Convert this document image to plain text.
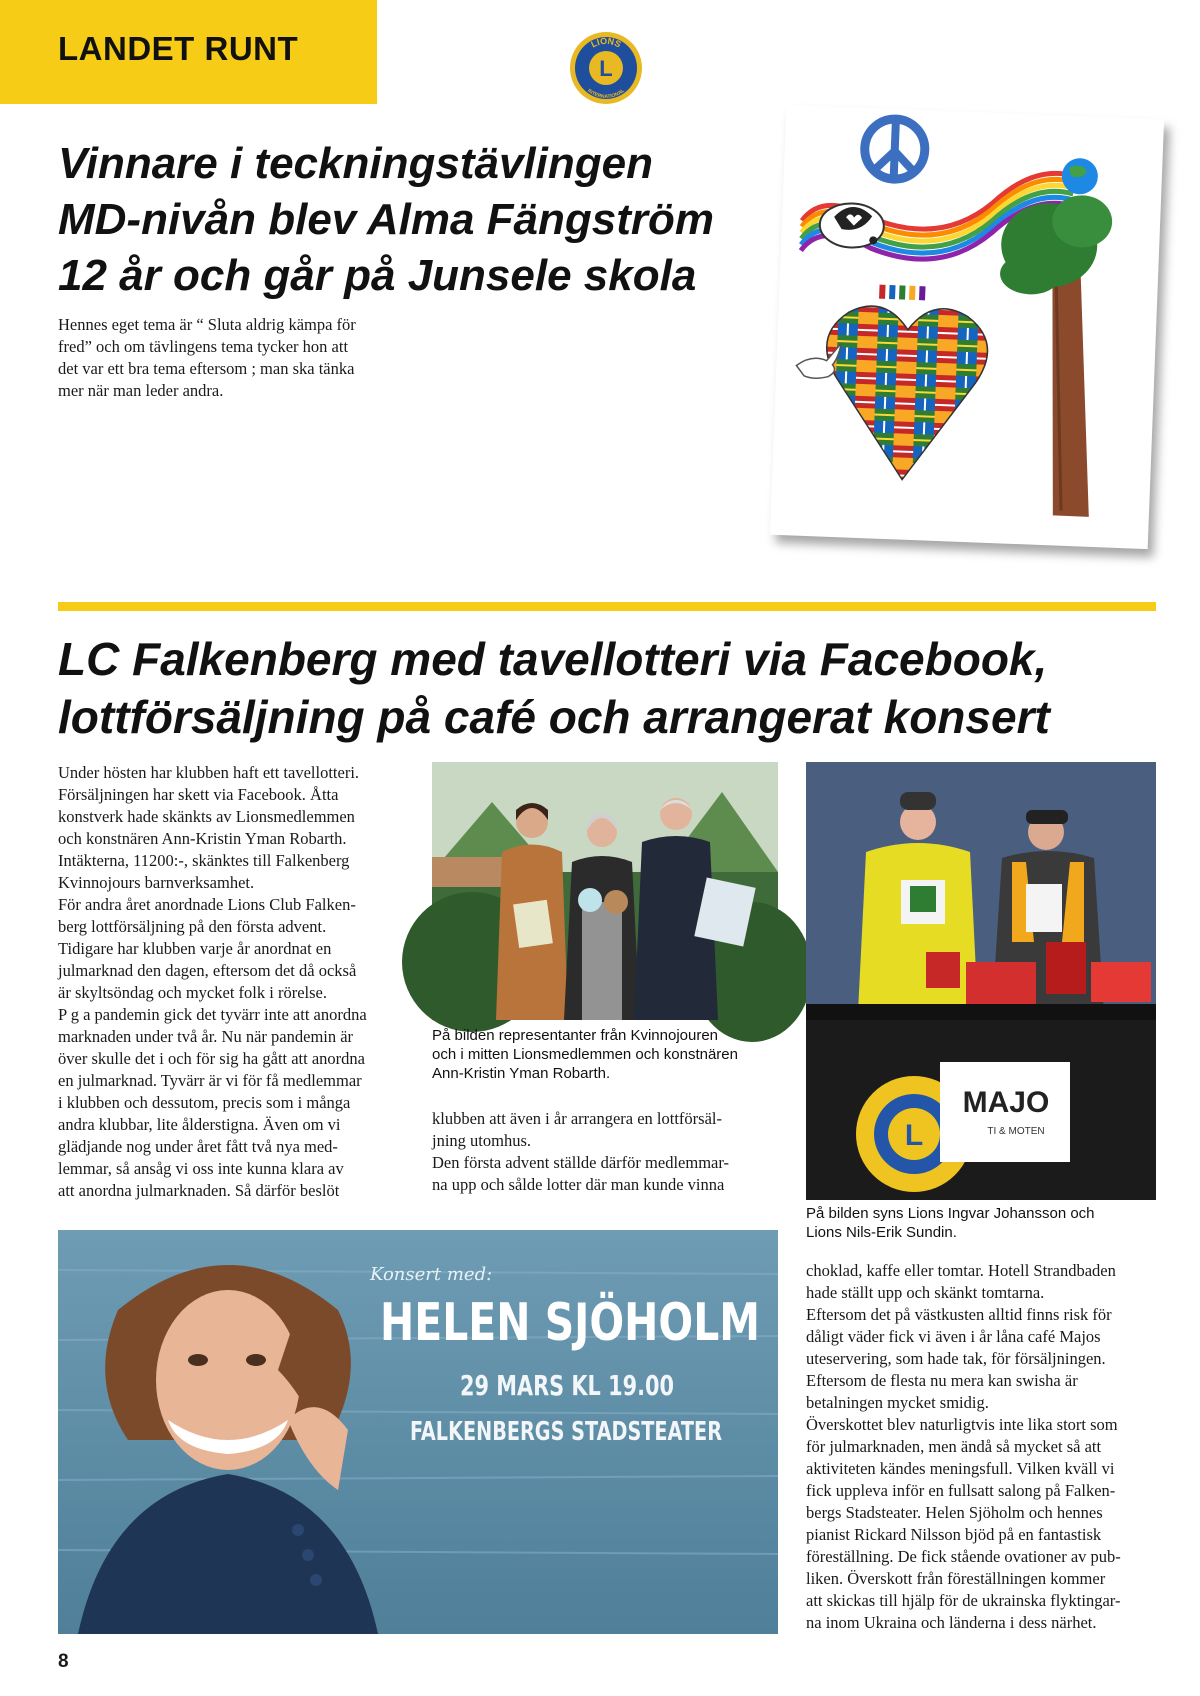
LANDET RUNT	LIONS
INTERNATIONAL
L
Vinnare i teckningstävlingen
MD-nivån blev Alma Fängström
12 år och går på Junsele skola

Hennes eget tema är “ Sluta aldrig kämpa för
fred” och om tävlingens tema tycker hon att
det var ett bra tema eftersom ; man ska tänka
mer när man leder andra.

LC Falkenberg med tavellotteri via Facebook,
lottförsäljning på café och arrangerat konsert

Under hösten har klubben haft ett tavellotteri.
Försäljningen har skett via Facebook. Åtta
konstverk hade skänkts av Lionsmedlemmen
och konstnären Ann-Kristin Yman Robarth.
Intäkterna, 11200:-, skänktes till Falkenberg
Kvinnojours barnverksamhet.
För andra året anordnade Lions Club Falken-
berg lottförsäljning på den första advent.
Tidigare har klubben varje år anordnat en
julmarknad den dagen, eftersom det då också
är skyltsöndag och mycket folk i rörelse.
P g a pandemin gick det tyvärr inte att anordna
marknaden under två år. Nu när pandemin är
över skulle det i och för sig ha gått att anordna
en julmarknad. Tyvärr är vi för få medlemmar
i klubben och dessutom, precis som i många
andra klubbar, lite ålderstigna. Även om vi
glädjande nog under året fått två nya med-
lemmar, så ansåg vi oss inte kunna klara av
att anordna julmarknaden. Så därför beslöt

På bilden representanter från Kvinnojouren
och i mitten Lionsmedlemmen och konstnären
Ann-Kristin Yman Robarth.

klubben att även i år arrangera en lottförsäl-
jning utomhus.
Den första advent ställde därför medlemmar-
na upp och sålde lotter där man kunde vinna

L
MAJO
TI & MOTEN

På bilden syns Lions Ingvar Johansson och
Lions Nils-Erik Sundin.

choklad, kaffe eller tomtar. Hotell Strandbaden
hade ställt upp och skänkt tomtarna.
Eftersom det på västkusten alltid finns risk för
dåligt väder fick vi även i år låna café Majos
uteservering, som hade tak, för försäljningen.
Eftersom de flesta nu mera kan swisha är
betalningen mycket smidig.
Överskottet blev naturligtvis inte lika stort som
för julmarknaden, men ändå så mycket så att
aktiviteten kändes meningsfull. Vilken kväll vi
fick uppleva inför en fullsatt salong på Falken-
bergs Stadsteater. Helen Sjöholm och hennes
pianist Rickard Nilsson bjöd på en fantastisk
föreställning. De fick stående ovationer av pub-
liken. Överskott från föreställningen kommer
att skickas till hjälp för de ukrainska flyktingar-
na inom Ukraina och länderna i dess närhet.

Konsert med:
HELEN SJÖHOLM
29 MARS KL 19.00
FALKENBERGS STADSTEATER
8
